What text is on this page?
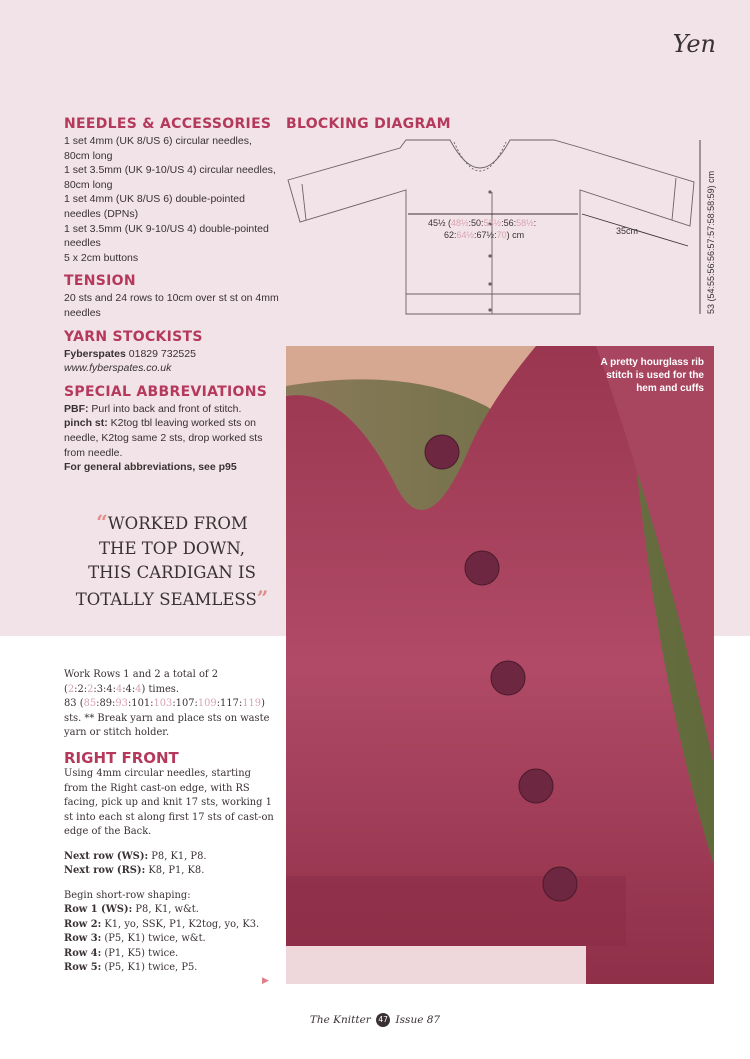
Yen
NEEDLES & ACCESSORIES
1 set 4mm (UK 8/US 6) circular needles, 80cm long
1 set 3.5mm (UK 9-10/US 4) circular needles, 80cm long
1 set 4mm (UK 8/US 6) double-pointed needles (DPNs)
1 set 3.5mm (UK 9-10/US 4) double-pointed needles
5 x 2cm buttons
TENSION
20 sts and 24 rows to 10cm over st st on 4mm needles
YARN STOCKISTS
Fyberspates 01829 732525
www.fyberspates.co.uk
SPECIAL ABBREVIATIONS
PBF: Purl into back and front of stitch.
pinch st: K2tog tbl leaving worked sts on needle, K2tog same 2 sts, drop worked sts from needle.
For general abbreviations, see p95
“WORKED FROM
THE TOP DOWN,
THIS CARDIGAN IS
TOTALLY SEAMLESS”
BLOCKING DIAGRAM
45½ (48½:50:53½:56:58½:
62:64½:67½:70) cm	35cm	53 (54:55:56:56:57:57:58:58:59) cm
A pretty hourglass rib stitch is used for the hem and cuffs

Work Rows 1 and 2 a total of 2 (2:2:2:3:4:4:4:4) times.
83 (85:89:93:101:103:107:109:117:119) sts. ** Break yarn and place sts on waste yarn or stitch holder.

RIGHT FRONT

Using 4mm circular needles, starting from the Right cast-on edge, with RS facing, pick up and knit 17 sts, working 1 st into each st along first 17 sts of cast-on edge of the Back.

Next row (WS): P8, K1, P8.
Next row (RS): K8, P1, K8.

Begin short-row shaping:
Row 1 (WS): P8, K1, w&t.
Row 2: K1, yo, SSK, P1, K2tog, yo, K3.
Row 3: (P5, K1) twice, w&t.
Row 4: (P1, K5) twice.
Row 5: (P5, K1) twice, P5.

▶
The Knitter 47 Issue 87
